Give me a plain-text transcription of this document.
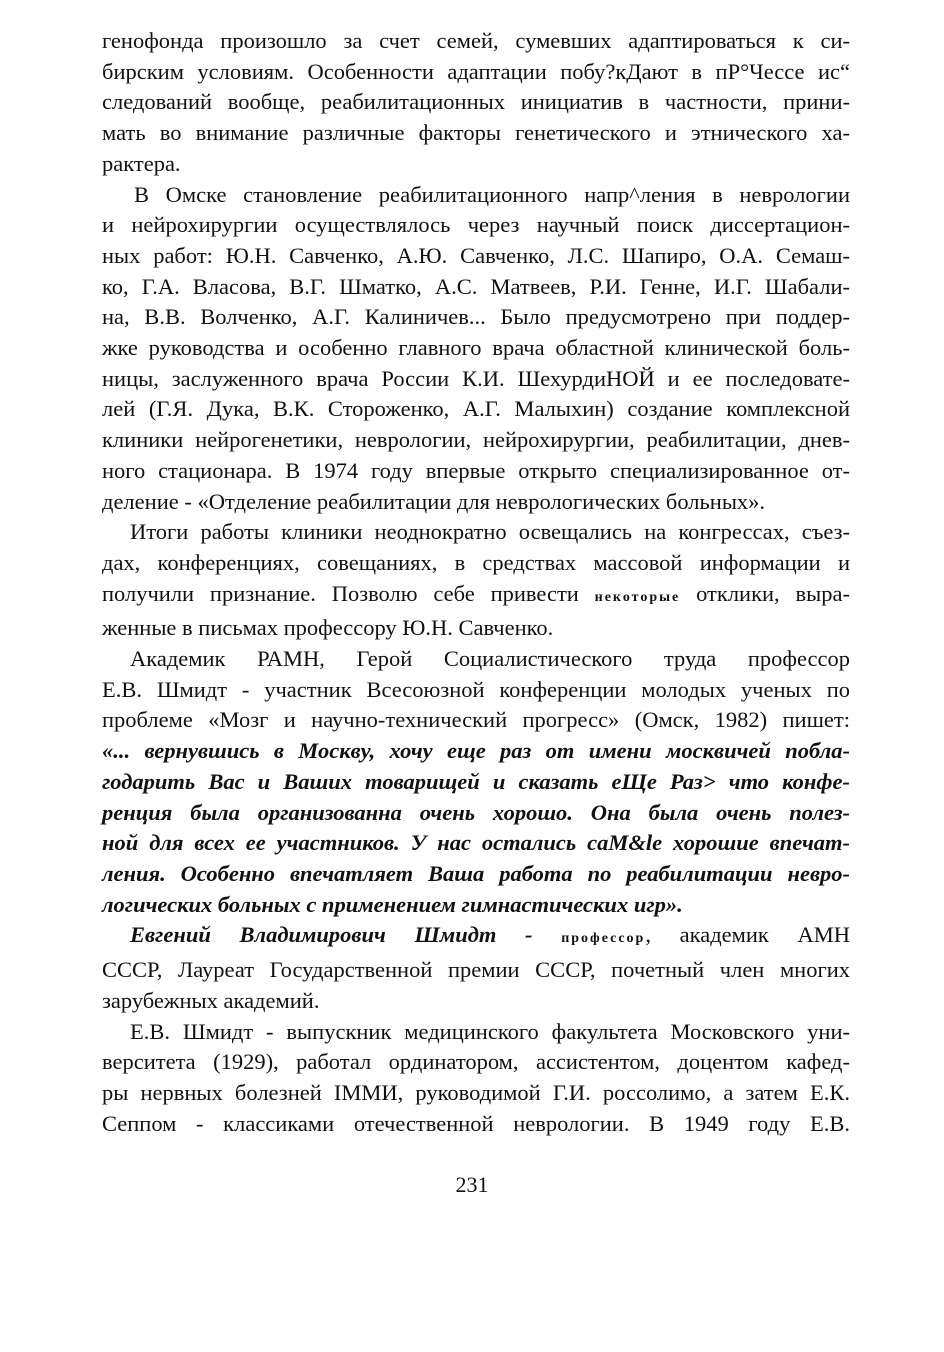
генофонда произошло за счет семей, сумевших адаптироваться к си-
бирским условиям. Особенности адаптации побу?кДают в пР°Чессе ис“
следований вообще, реабилитационных инициатив в частности, прини-
мать во внимание различные факторы генетического и этнического ха-
рактера.
В Омске становление реабилитационного напр^ления в неврологии
и нейрохирургии осуществлялось через научный поиск диссертацион-
ных работ: Ю.Н. Савченко, А.Ю. Савченко, Л.С. Шапиро, О.А. Семаш-
ко, Г.А. Власова, В.Г. Шматко, А.С. Матвеев, Р.И. Генне, И.Г. Шабали-
на, В.В. Волченко, А.Г. Калиничев... Было предусмотрено при поддер-
жке руководства и особенно главного врача областной клинической боль-
ницы, заслуженного врача России К.И. ШехурдиНОЙ и ее последовате-
лей (Г.Я. Дука, В.К. Стороженко, А.Г. Малыхин) создание комплексной
клиники нейрогенетики, неврологии, нейрохирургии, реабилитации, днев-
ного стационара. В 1974 году впервые открыто специализированное от-
деление - «Отделение реабилитации для неврологических больных».
Итоги работы клиники неоднократно освещались на конгрессах, съез-
дах, конференциях, совещаниях, в средствах массовой информации и
получили признание. Позволю себе привести некоторые отклики, выра-
женные в письмах профессору Ю.Н. Савченко.
Академик РАМН, Герой Социалистического труда профессор
Е.В. Шмидт - участник Всесоюзной конференции молодых ученых по
проблеме «Мозг и научно-технический прогресс» (Омск, 1982) пишет:
«... вернувшись в Москву, хочу еще раз от имени москвичей побла-
годарить Вас и Ваших товарищей и сказать еЩе Раз> что конфе-
ренция была организованна очень хорошо. Она была очень полез-
ной для всех ее участников. У нас остались caM&le хорошие впечат-
ления. Особенно впечатляет Ваша работа по реабилитации невро-
логических больных с применением гимнастических игр».
Евгений Владимирович Шмидт - профессор, академик АМН
СССР, Лауреат Государственной премии СССР, почетный член многих
зарубежных академий.
Е.В. Шмидт - выпускник медицинского факультета Московского уни-
верситета (1929), работал ординатором, ассистентом, доцентом кафед-
ры нервных болезней IММИ, руководимой Г.И. россолимо, а затем Е.К.
Сеппом - классиками отечественной неврологии. В 1949 году Е.В.
231
